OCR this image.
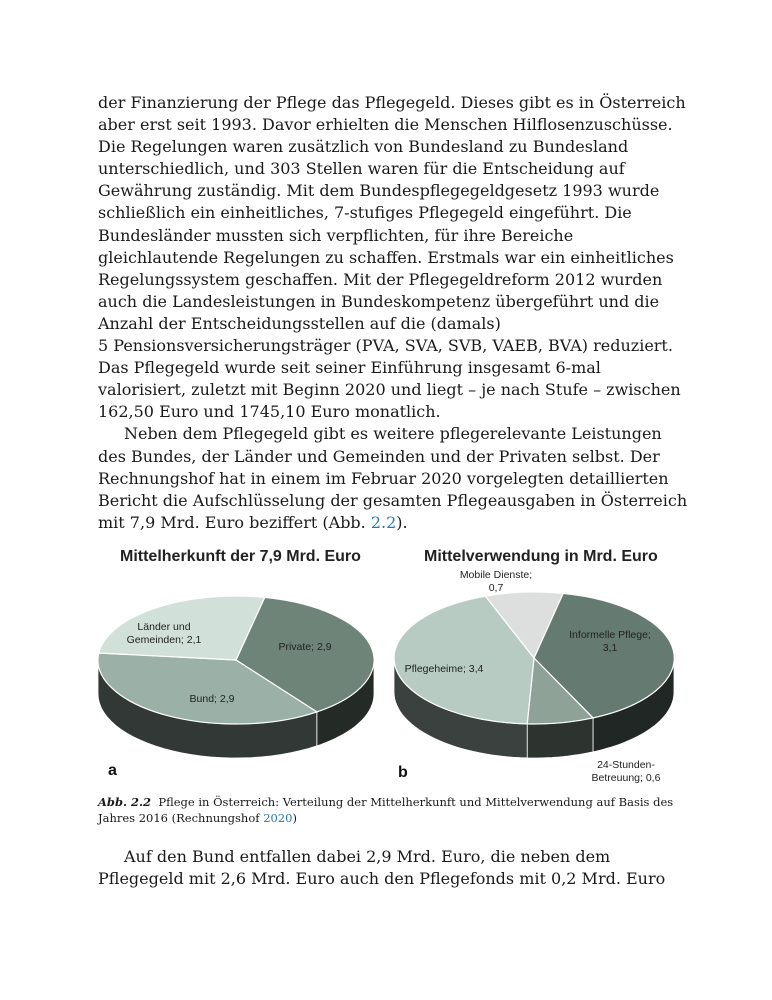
der Finanzierung der Pflege das Pflegegeld. Dieses gibt es in Österreich
aber erst seit 1993. Davor erhielten die Menschen Hilflosenzuschüsse.
Die Regelungen waren zusätzlich von Bundesland zu Bundesland
unterschiedlich, und 303 Stellen waren für die Entscheidung auf
Gewährung zuständig. Mit dem Bundespflegegeldgesetz 1993 wurde
schließlich ein einheitliches, 7-stufiges Pflegegeld eingeführt. Die
Bundesländer mussten sich verpflichten, für ihre Bereiche
gleichlautende Regelungen zu schaffen. Erstmals war ein einheitliches
Regelungssystem geschaffen. Mit der Pflegegeldreform 2012 wurden
auch die Landesleistungen in Bundeskompetenz übergeführt und die
Anzahl der Entscheidungsstellen auf die (damals)
5 Pensionsversicherungsträger (PVA, SVA, SVB, VAEB, BVA) reduziert.
Das Pflegegeld wurde seit seiner Einführung insgesamt 6-mal
valorisiert, zuletzt mit Beginn 2020 und liegt – je nach Stufe – zwischen
162,50 Euro und 1745,10 Euro monatlich.

Neben dem Pflegegeld gibt es weitere pflegerelevante Leistungen
des Bundes, der Länder und Gemeinden und der Privaten selbst. Der
Rechnungshof hat in einem im Februar 2020 vorgelegten detaillierten
Bericht die Aufschlüsselung der gesamten Pflegeausgaben in Österreich
mit 7,9 Mrd. Euro beziffert (Abb. 2.2).

Mittelherkunft der 7,9 Mrd. Euro	Mittelverwendung in Mrd. Euro
Private; 2,9
Bund; 2,9
Länder und Gemeinden; 2,1	Informelle Pflege; 3,1
24-Stunden-Betreuung; 0,6
Pflegeheime; 3,4
Mobile Dienste; 0,7
a	b
Abb. 2.2 Pflege in Österreich: Verteilung der Mittelherkunft und Mittelverwendung auf Basis des Jahres 2016 (Rechnungshof 2020)

Auf den Bund entfallen dabei 2,9 Mrd. Euro, die neben dem
Pflegegeld mit 2,6 Mrd. Euro auch den Pflegefonds mit 0,2 Mrd. Euro
